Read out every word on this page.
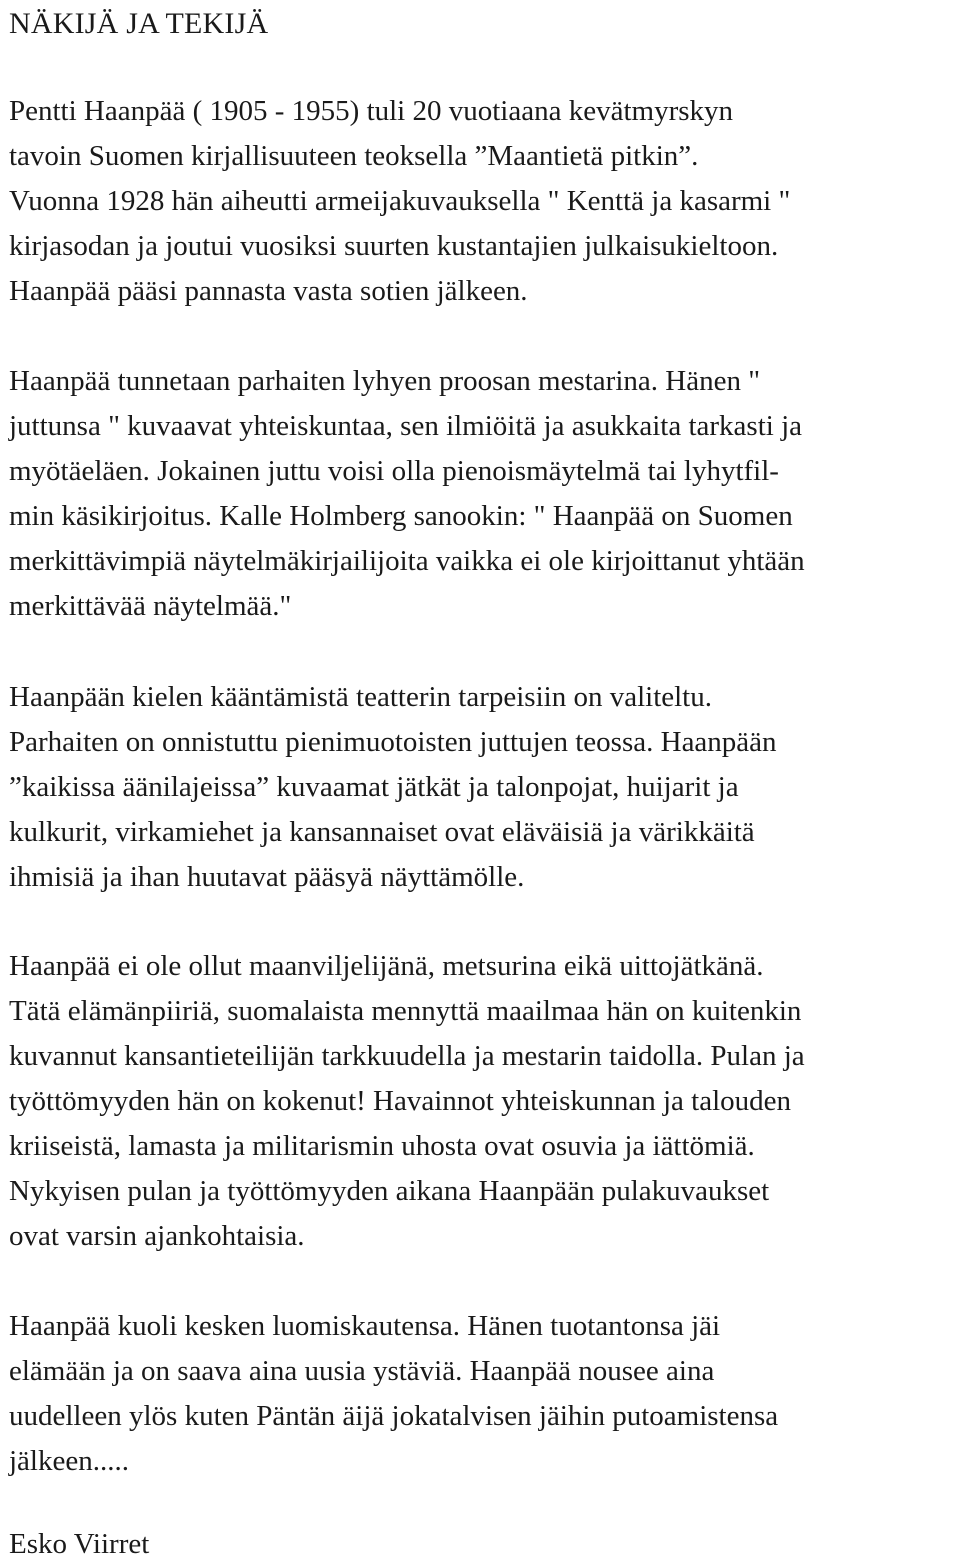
NÄKIJÄ JA TEKIJÄ

Pentti Haanpää ( 1905 - 1955) tuli 20 vuotiaana kevätmyrskyn
tavoin Suomen kirjallisuuteen teoksella ”Maantietä pitkin”.
Vuonna 1928 hän aiheutti armeijakuvauksella " Kenttä ja kasarmi "
kirjasodan ja joutui vuosiksi suurten kustantajien julkaisukieltoon.
Haanpää pääsi pannasta vasta sotien jälkeen.

Haanpää tunnetaan parhaiten lyhyen proosan mestarina. Hänen "
juttunsa " kuvaavat yhteiskuntaa, sen ilmiöitä ja asukkaita tarkasti ja
myötäeläen. Jokainen juttu voisi olla pienoismäytelmä tai lyhytfil-
min käsikirjoitus. Kalle Holmberg sanookin: " Haanpää on Suomen
merkittävimpiä näytelmäkirjailijoita vaikka ei ole kirjoittanut yhtään
merkittävää näytelmää."

Haanpään kielen kääntämistä teatterin tarpeisiin on valiteltu.
Parhaiten on onnistuttu pienimuotoisten juttujen teossa. Haanpään
”kaikissa äänilajeissa” kuvaamat jätkät ja talonpojat, huijarit ja
kulkurit, virkamiehet ja kansannaiset ovat eläväisiä ja värikkäitä
ihmisiä ja ihan huutavat pääsyä näyttämölle.

Haanpää ei ole ollut maanviljelijänä, metsurina eikä uittojätkänä.
Tätä elämänpiiriä, suomalaista mennyttä maailmaa hän on kuitenkin
kuvannut kansantieteilijän tarkkuudella ja mestarin taidolla. Pulan ja
työttömyyden hän on kokenut! Havainnot yhteiskunnan ja talouden
kriiseistä, lamasta ja militarismin uhosta ovat osuvia ja iättömiä.
Nykyisen pulan ja työttömyyden aikana Haanpään pulakuvaukset
ovat varsin ajankohtaisia.

Haanpää kuoli kesken luomiskautensa. Hänen tuotantonsa jäi
elämään ja on saava aina uusia ystäviä. Haanpää nousee aina
uudelleen ylös kuten Päntän äijä jokatalvisen jäihin putoamistensa
jälkeen.....

Esko Viirret
